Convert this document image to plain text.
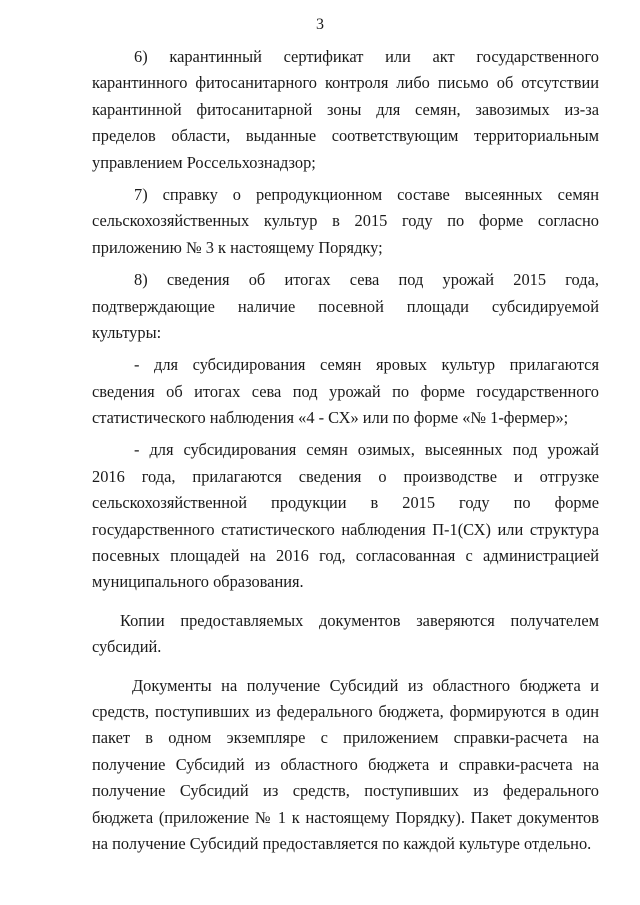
3
6) карантинный сертификат или акт государственного
карантинного фитосанитарного контроля либо письмо об отсутствии
карантинной фитосанитарной зоны для семян, завозимых из-за
пределов области, выданные соответствующим территориальным
управлением Россельхознадзор;
7) справку о репродукционном составе высеянных семян
сельскохозяйственных культур в 2015 году по форме согласно
приложению № 3 к настоящему Порядку;
8) сведения об итогах сева под урожай 2015 года,
подтверждающие наличие посевной площади субсидируемой
культуры:
- для субсидирования семян яровых культур прилагаются
сведения об итогах сева под урожай по форме государственного
статистического наблюдения «4 - СХ» или по форме «№ 1-фермер»;
- для субсидирования семян озимых, высеянных под урожай
2016 года, прилагаются сведения о производстве и отгрузке
сельскохозяйственной продукции в 2015 году по форме
государственного статистического наблюдения П-1(СХ) или структура
посевных площадей на 2016 год, согласованная с администрацией
муниципального образования.
Копии предоставляемых документов заверяются получателем
субсидий.
Документы на получение Субсидий из областного бюджета и
средств, поступивших из федерального бюджета, формируются в один
пакет в одном экземпляре с приложением справки-расчета на
получение Субсидий из областного бюджета и справки-расчета на
получение Субсидий из средств, поступивших из федерального
бюджета (приложение № 1 к настоящему Порядку). Пакет документов
на получение Субсидий предоставляется по каждой культуре отдельно.
